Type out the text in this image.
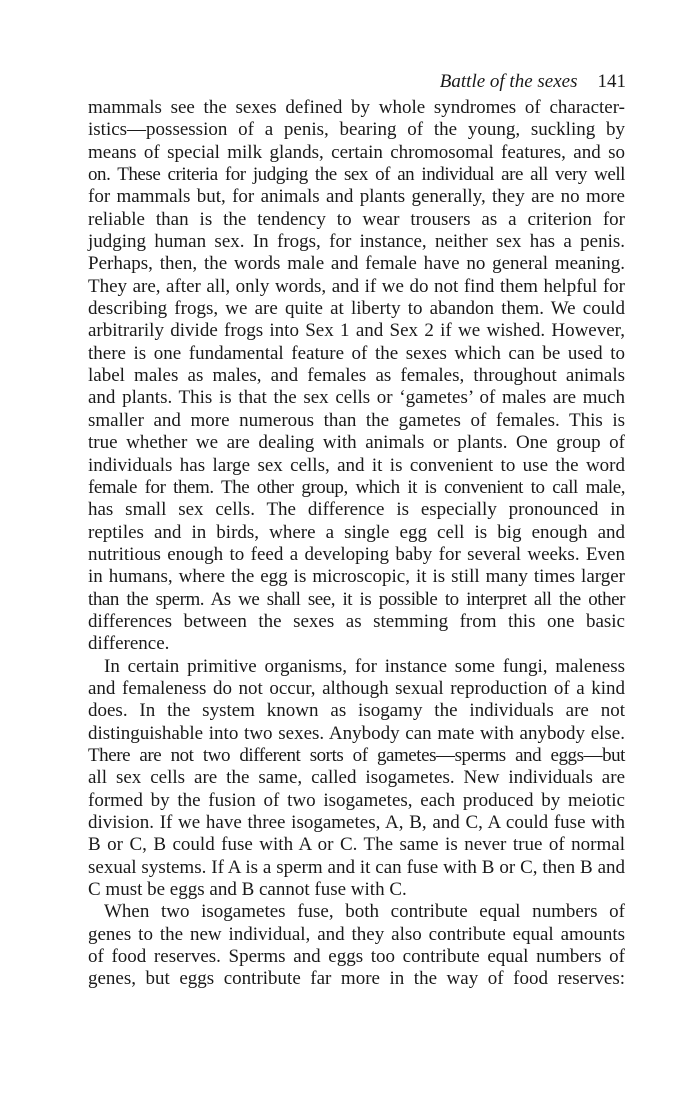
Battle of the sexes 141
mammals see the sexes defined by whole syndromes of character-
istics—possession of a penis, bearing of the young, suckling by
means of special milk glands, certain chromosomal features, and so
on. These criteria for judging the sex of an individual are all very well
for mammals but, for animals and plants generally, they are no more
reliable than is the tendency to wear trousers as a criterion for
judging human sex. In frogs, for instance, neither sex has a penis.
Perhaps, then, the words male and female have no general meaning.
They are, after all, only words, and if we do not find them helpful for
describing frogs, we are quite at liberty to abandon them. We could
arbitrarily divide frogs into Sex 1 and Sex 2 if we wished. However,
there is one fundamental feature of the sexes which can be used to
label males as males, and females as females, throughout animals
and plants. This is that the sex cells or ‘gametes’ of males are much
smaller and more numerous than the gametes of females. This is
true whether we are dealing with animals or plants. One group of
individuals has large sex cells, and it is convenient to use the word
female for them. The other group, which it is convenient to call male,
has small sex cells. The difference is especially pronounced in
reptiles and in birds, where a single egg cell is big enough and
nutritious enough to feed a developing baby for several weeks. Even
in humans, where the egg is microscopic, it is still many times larger
than the sperm. As we shall see, it is possible to interpret all the other
differences between the sexes as stemming from this one basic
difference.
In certain primitive organisms, for instance some fungi, maleness
and femaleness do not occur, although sexual reproduction of a kind
does. In the system known as isogamy the individuals are not
distinguishable into two sexes. Anybody can mate with anybody else.
There are not two different sorts of gametes—sperms and eggs—but
all sex cells are the same, called isogametes. New individuals are
formed by the fusion of two isogametes, each produced by meiotic
division. If we have three isogametes, A, B, and C, A could fuse with
B or C, B could fuse with A or C. The same is never true of normal
sexual systems. If A is a sperm and it can fuse with B or C, then B and
C must be eggs and B cannot fuse with C.
When two isogametes fuse, both contribute equal numbers of
genes to the new individual, and they also contribute equal amounts
of food reserves. Sperms and eggs too contribute equal numbers of
genes, but eggs contribute far more in the way of food reserves:
